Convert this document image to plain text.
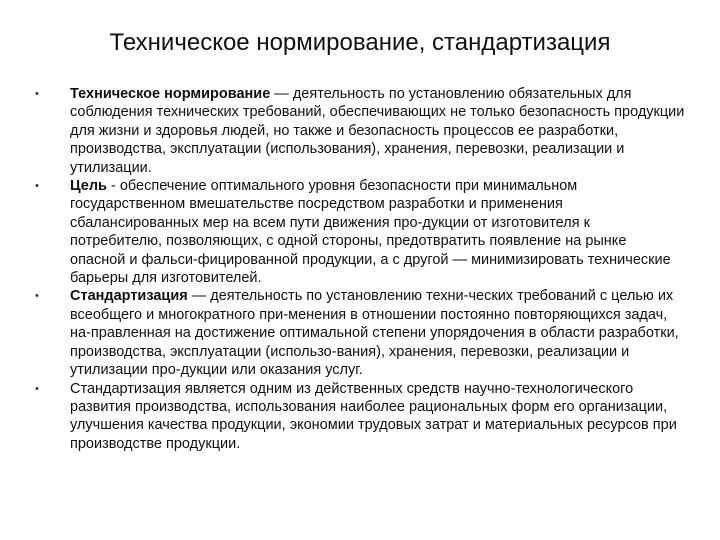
Техническое нормирование, стандартизация
• Техническое нормирование — деятельность по установлению обязательных для соблюдения технических требований, обеспечивающих не только безопасность продукции для жизни и здоровья людей, но также и безопасность процессов ее разработки, производства, эксплуатации (использования), хранения, перевозки, реализации и утилизации.
• Цель - обеспечение оптимального уровня безопасности при минимальном государственном вмешательстве посредством разработки и применения сбалансированных мер на всем пути движения про-дукции от изготовителя к потребителю, позволяющих, с одной стороны, предотвратить появление на рынке опасной и фальси-фицированной продукции, а с другой — минимизировать технические барьеры для изготовителей.
• Стандартизация — деятельность по установлению техни-ческих требований с целью их всеобщего и многократного при-менения в отношении постоянно повторяющихся задач, на-правленная на достижение оптимальной степени упорядочения в области разработки, производства, эксплуатации (использо-вания), хранения, перевозки, реализации и утилизации про-дукции или оказания услуг.
• Стандартизация является одним из действенных средств научно-технологического развития производства, использования наиболее рациональных форм его организации, улучшения качества продукции, экономии трудовых затрат и материальных ресурсов при производстве продукции.
